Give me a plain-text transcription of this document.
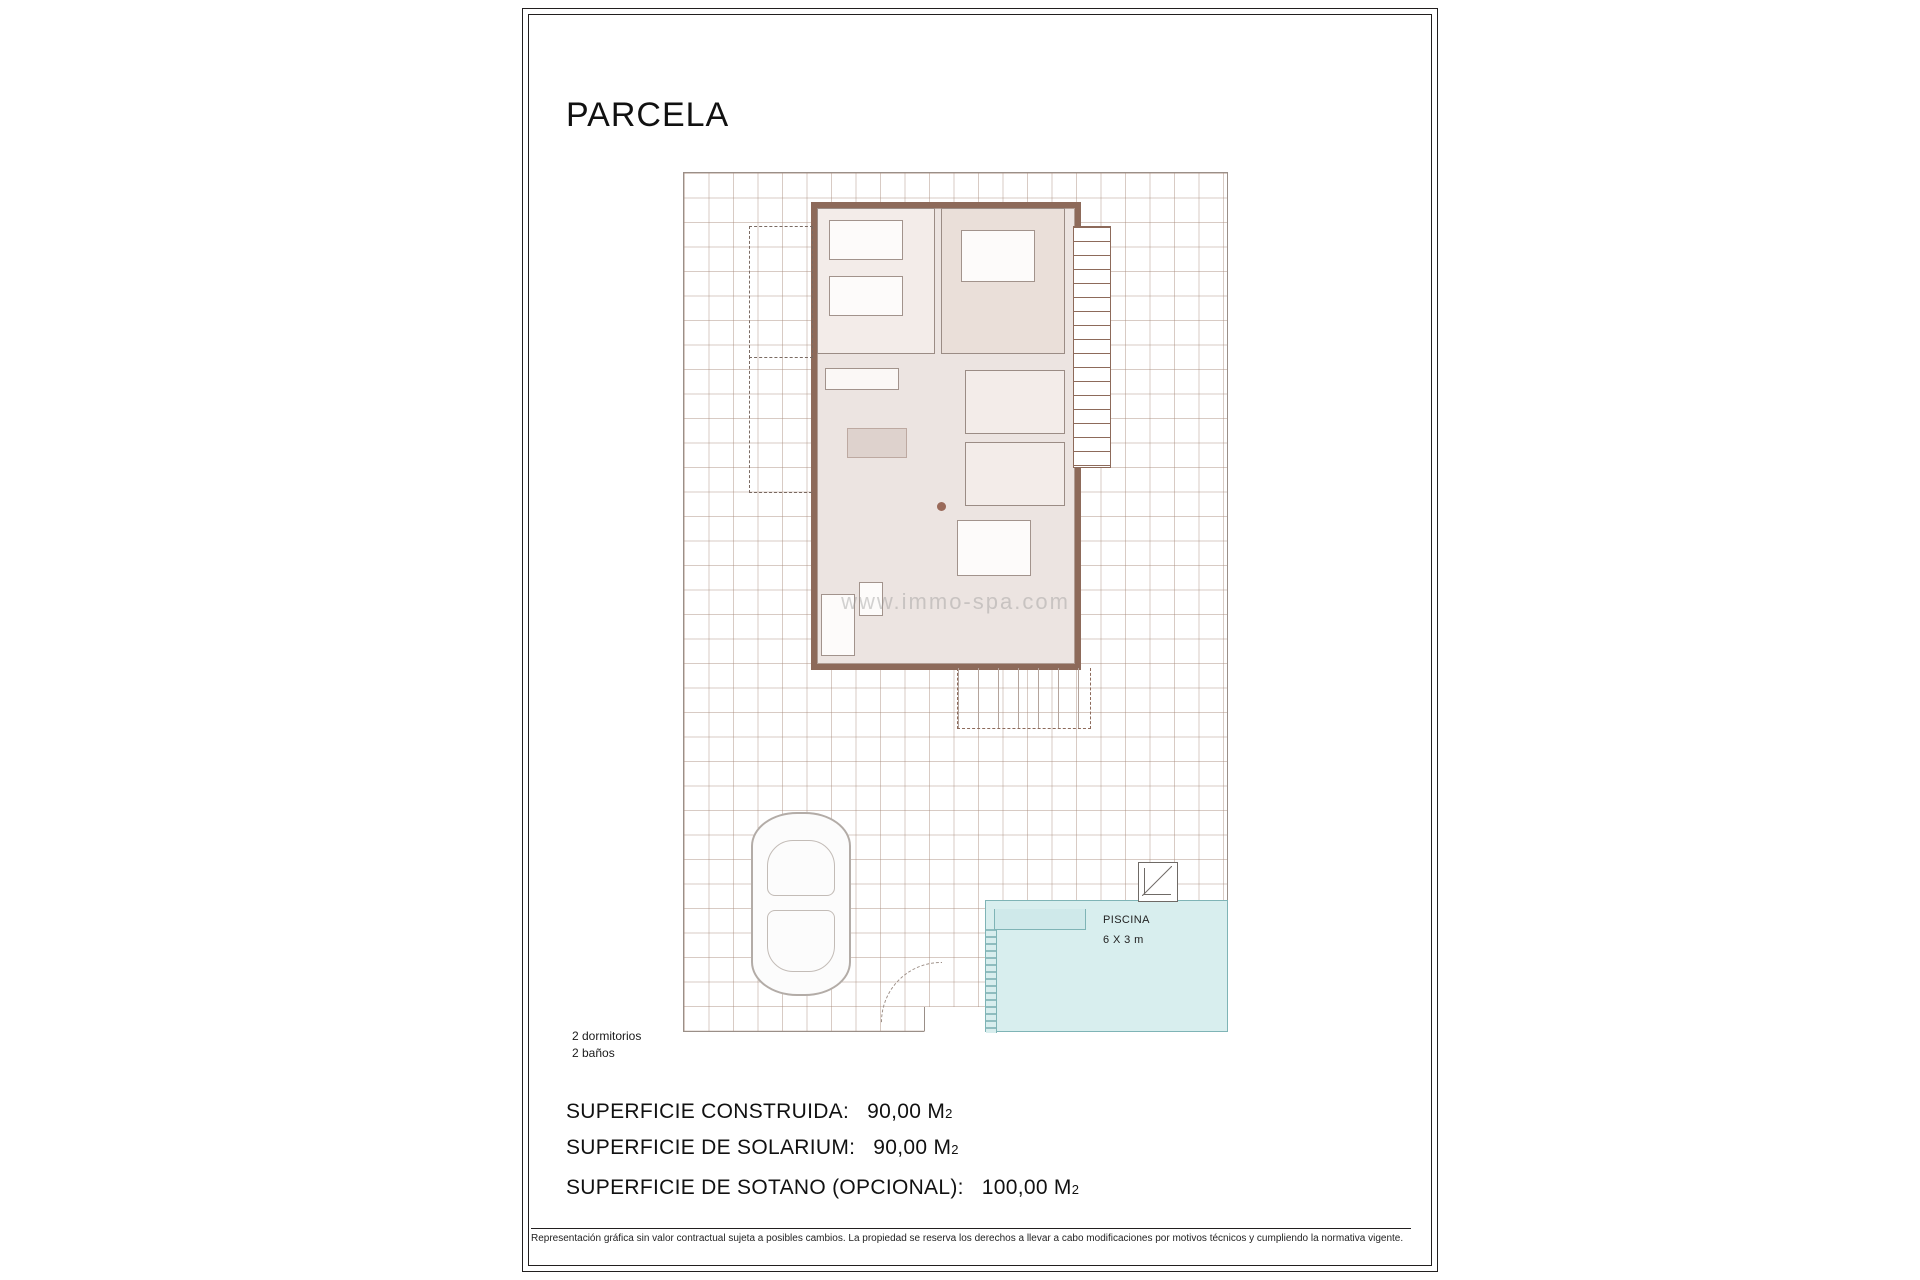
PARCELA
PISCINA
6 X 3 m
www.immo-spa.com
2 dormitorios
2 baños
SUPERFICIE CONSTRUIDA: 90,00 M 2
SUPERFICIE DE SOLARIUM: 90,00 M 2
SUPERFICIE DE SOTANO (OPCIONAL): 100,00 M 2
Representación gráfica sin valor contractual sujeta a posibles cambios. La propiedad se reserva los derechos a llevar a cabo modificaciones por motivos técnicos y cumpliendo la normativa vigente.
